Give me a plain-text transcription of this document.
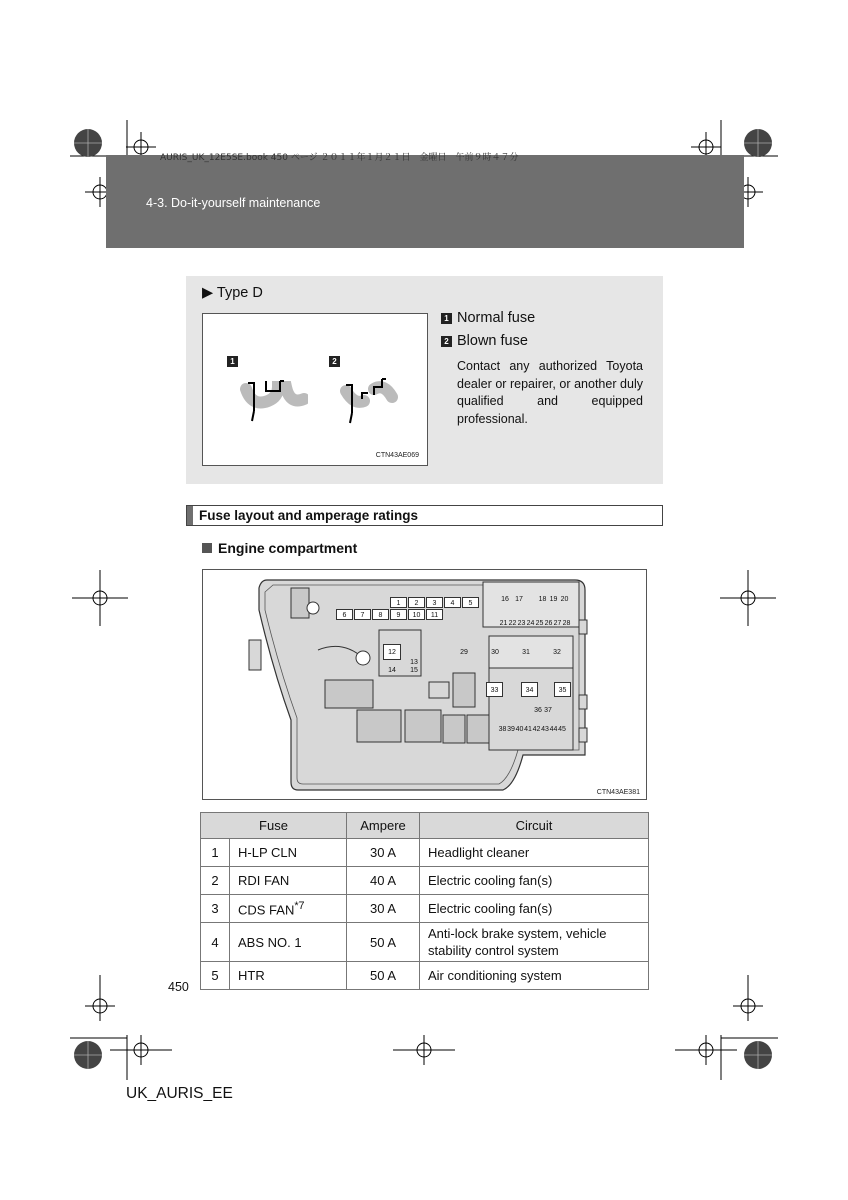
AURIS_UK_12E5SE.book 450 ページ ２０１１年１月２１日　金曜日　午前９時４７分
4-3. Do-it-yourself maintenance
▶ Type D
1	2
CTN43AE069
1 Normal fuse
2 Blown fuse
Contact any authorized Toyota dealer or repairer, or another duly qualified and equipped professional.
Fuse layout and amperage ratings
Engine compartment
1	2	3	4	5
6	7	8	9	10	11
12
13
14	15
16 17	18 19 20
21 22 23 24 25 26 27 28
29	30	31	32
33	34	35
36 37
38 39 40 41 42 43 44 45
CTN43AE381
Fuse		Ampere	Circuit
1	H-LP CLN	30 A	Headlight cleaner
2	RDI FAN	40 A	Electric cooling fan(s)
3	CDS FAN$^{*7}$	30 A	Electric cooling fan(s)
4	ABS NO. 1	50 A	Anti-lock brake system, vehicle stability control system
5	HTR	50 A	Air conditioning system
450
UK_AURIS_EE
